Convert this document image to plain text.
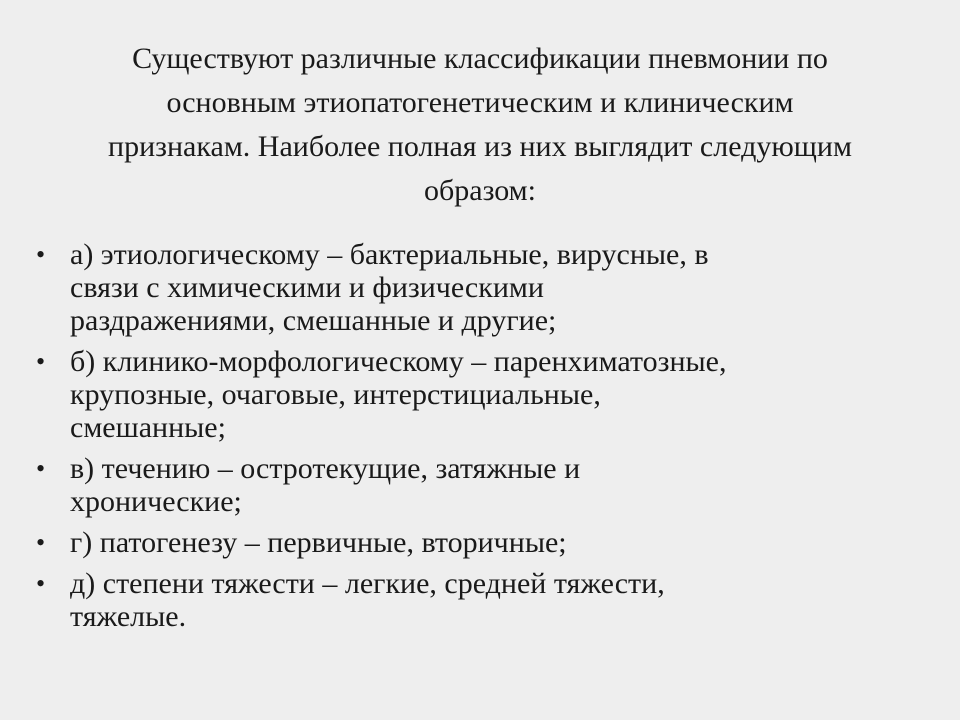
Существуют различные классификации пневмонии по
основным этиопатогенетическим и клиническим
признакам. Наиболее полная из них выглядит следующим
образом:

• а) этиологическому – бактериальные, вирусные, в
связи с химическими и физическими
раздражениями, смешанные и другие;
• б) клинико-морфологическому – паренхиматозные,
крупозные, очаговые, интерстициальные,
смешанные;
• в) течению – остротекущие, затяжные и
хронические;
• г) патогенезу – первичные, вторичные;
• д) степени тяжести – легкие, средней тяжести,
тяжелые.
